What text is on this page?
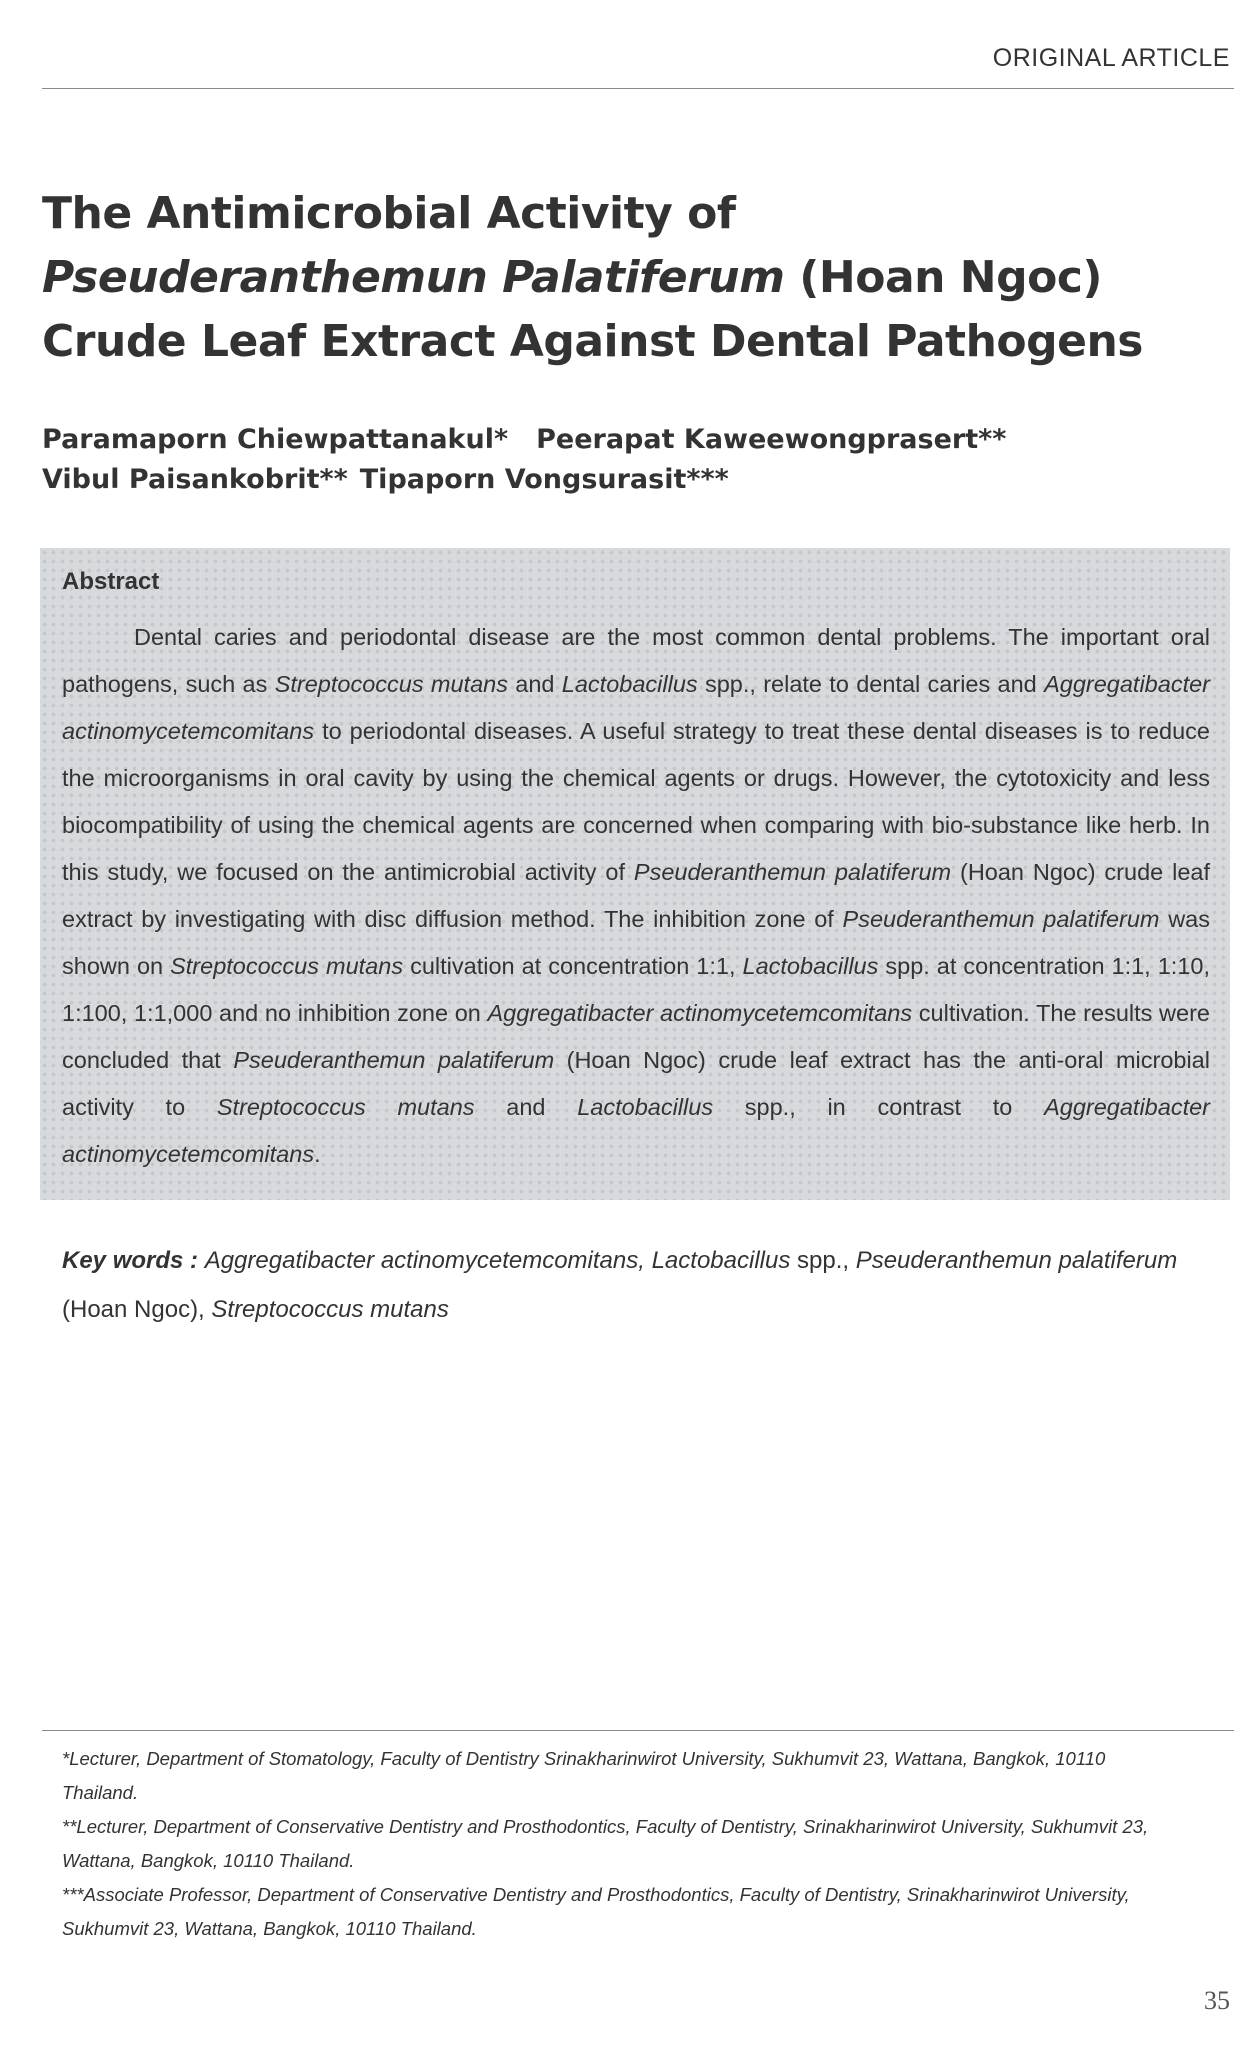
ORIGINAL ARTICLE
The Antimicrobial Activity of Pseuderanthemun Palatiferum (Hoan Ngoc) Crude Leaf Extract Against Dental Pathogens
Paramaporn Chiewpattanakul* Peerapat Kaweewongprasert**
Vibul Paisankobrit** Tipaporn Vongsurasit***
Abstract

Dental caries and periodontal disease are the most common dental problems. The important oral pathogens, such as Streptococcus mutans and Lactobacillus spp., relate to dental caries and Aggregatibacter actinomycetemcomitans to periodontal diseases. A useful strategy to treat these dental diseases is to reduce the microorganisms in oral cavity by using the chemical agents or drugs. However, the cytotoxicity and less biocompatibility of using the chemical agents are concerned when comparing with bio-substance like herb. In this study, we focused on the antimicrobial activity of Pseuderanthemun palatiferum (Hoan Ngoc) crude leaf extract by investigating with disc diffusion method. The inhibition zone of Pseuderanthemun palatiferum was shown on Streptococcus mutans cultivation at concentration 1:1, Lactobacillus spp. at concentration 1:1, 1:10, 1:100, 1:1,000 and no inhibition zone on Aggregatibacter actinomycetemcomitans cultivation. The results were concluded that Pseuderanthemun palatiferum (Hoan Ngoc) crude leaf extract has the anti-oral microbial activity to Streptococcus mutans and Lactobacillus spp., in contrast to Aggregatibacter actinomycetemcomitans.

Key words : Aggregatibacter actinomycetemcomitans, Lactobacillus spp., Pseuderanthemun palatiferum (Hoan Ngoc), Streptococcus mutans

*Lecturer, Department of Stomatology, Faculty of Dentistry Srinakharinwirot University, Sukhumvit 23, Wattana, Bangkok, 10110 Thailand.

**Lecturer, Department of Conservative Dentistry and Prosthodontics, Faculty of Dentistry, Srinakharinwirot University, Sukhumvit 23, Wattana, Bangkok, 10110 Thailand.

***Associate Professor, Department of Conservative Dentistry and Prosthodontics, Faculty of Dentistry, Srinakharinwirot University, Sukhumvit 23, Wattana, Bangkok, 10110 Thailand.

35
